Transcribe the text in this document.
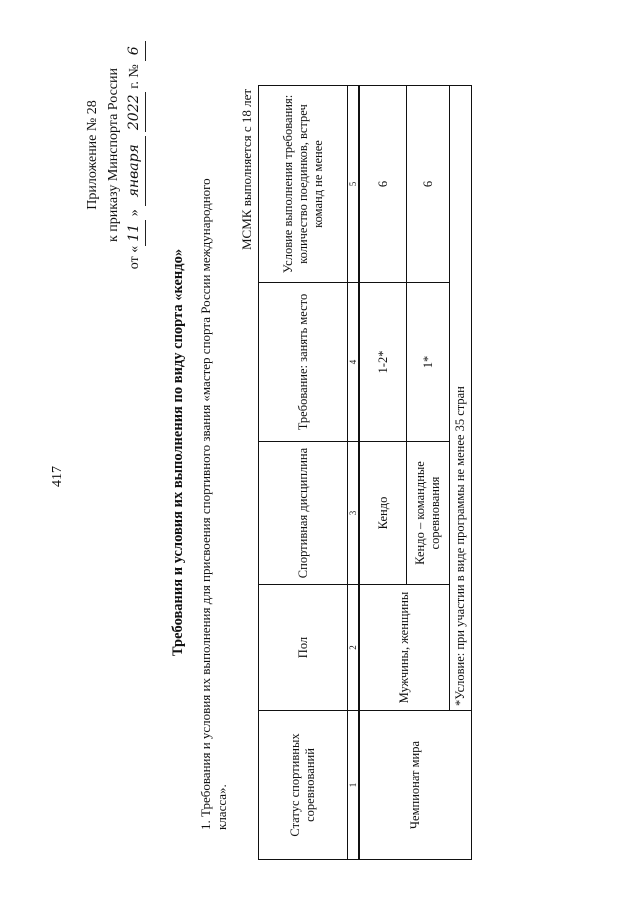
417
Приложение № 28 к приказу Минспорта России
от «11 » января 2022 г. № 6
Требования и условия их выполнения по виду спорта «кендо» 1. Требования и условия их выполнения для присвоения спортивного звания «мастер спорта России международного класса».
МСМК выполняется с 18 лет
Статус спортивных соревнований	Пол	Спортивная дисциплина	Требование: занять место	Условие выполнения требования: количество поединков, встреч команд не менее
1	2	3	4	5
Чемпионат мира	Мужчины, женщины	Кендо	1-2*	6
		Кендо – командные соревнования	1*	6
	*Условие: при участии в виде программы не менее 35 стран			
